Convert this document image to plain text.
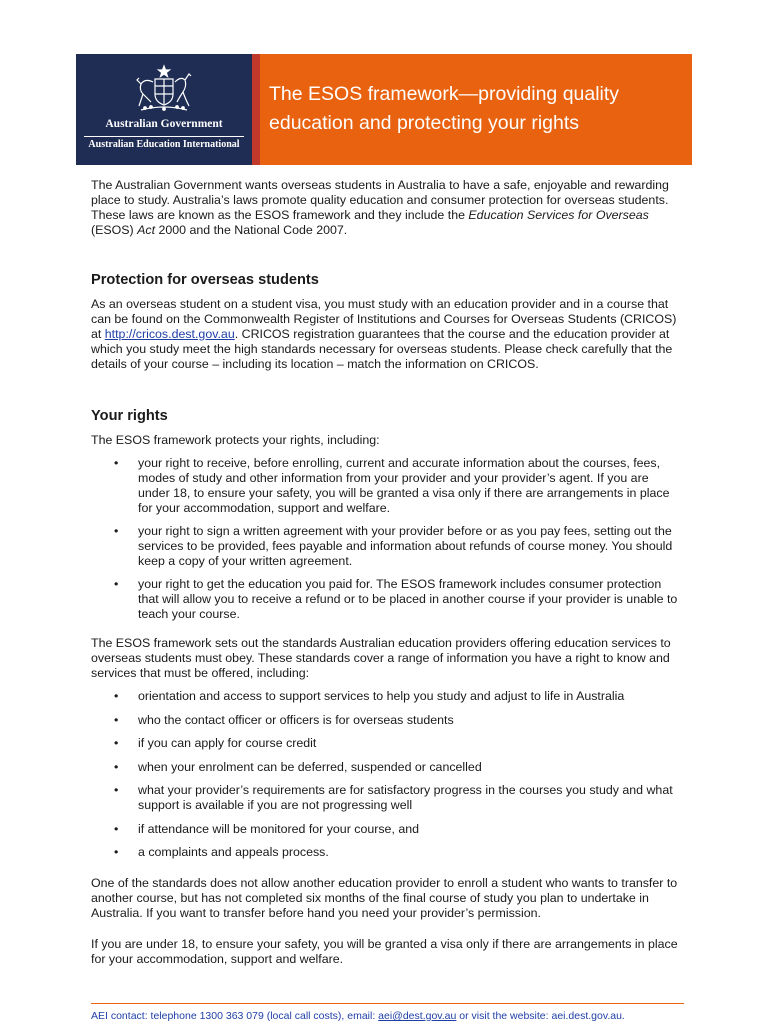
Australian Government
Australian Education International
The ESOS framework—providing quality
education and protecting your rights

The Australian Government wants overseas students in Australia to have a safe, enjoyable and rewarding place to study. Australia’s laws promote quality education and consumer protection for overseas students. These laws are known as the ESOS framework and they include the Education Services for Overseas (ESOS) Act 2000 and the National Code 2007.

Protection for overseas students

As an overseas student on a student visa, you must study with an education provider and in a course that can be found on the Commonwealth Register of Institutions and Courses for Overseas Students (CRICOS) at http://cricos.dest.gov.au. CRICOS registration guarantees that the course and the education provider at which you study meet the high standards necessary for overseas students. Please check carefully that the details of your course – including its location – match the information on CRICOS.

Your rights

The ESOS framework protects your rights, including:

• your right to receive, before enrolling, current and accurate information about the courses, fees, modes of study and other information from your provider and your provider’s agent. If you are under 18, to ensure your safety, you will be granted a visa only if there are arrangements in place for your accommodation, support and welfare.
• your right to sign a written agreement with your provider before or as you pay fees, setting out the services to be provided, fees payable and information about refunds of course money. You should keep a copy of your written agreement.
• your right to get the education you paid for. The ESOS framework includes consumer protection that will allow you to receive a refund or to be placed in another course if your provider is unable to teach your course.

The ESOS framework sets out the standards Australian education providers offering education services to overseas students must obey. These standards cover a range of information you have a right to know and services that must be offered, including:

• orientation and access to support services to help you study and adjust to life in Australia
• who the contact officer or officers is for overseas students
• if you can apply for course credit
• when your enrolment can be deferred, suspended or cancelled
• what your provider’s requirements are for satisfactory progress in the courses you study and what support is available if you are not progressing well
• if attendance will be monitored for your course, and
• a complaints and appeals process.

One of the standards does not allow another education provider to enroll a student who wants to transfer to another course, but has not completed six months of the final course of study you plan to undertake in Australia. If you want to transfer before hand you need your provider’s permission.

If you are under 18, to ensure your safety, you will be granted a visa only if there are arrangements in place for your accommodation, support and welfare.

AEI contact: telephone 1300 363 079 (local call costs), email: aei@dest.gov.au or visit the website: aei.dest.gov.au.
